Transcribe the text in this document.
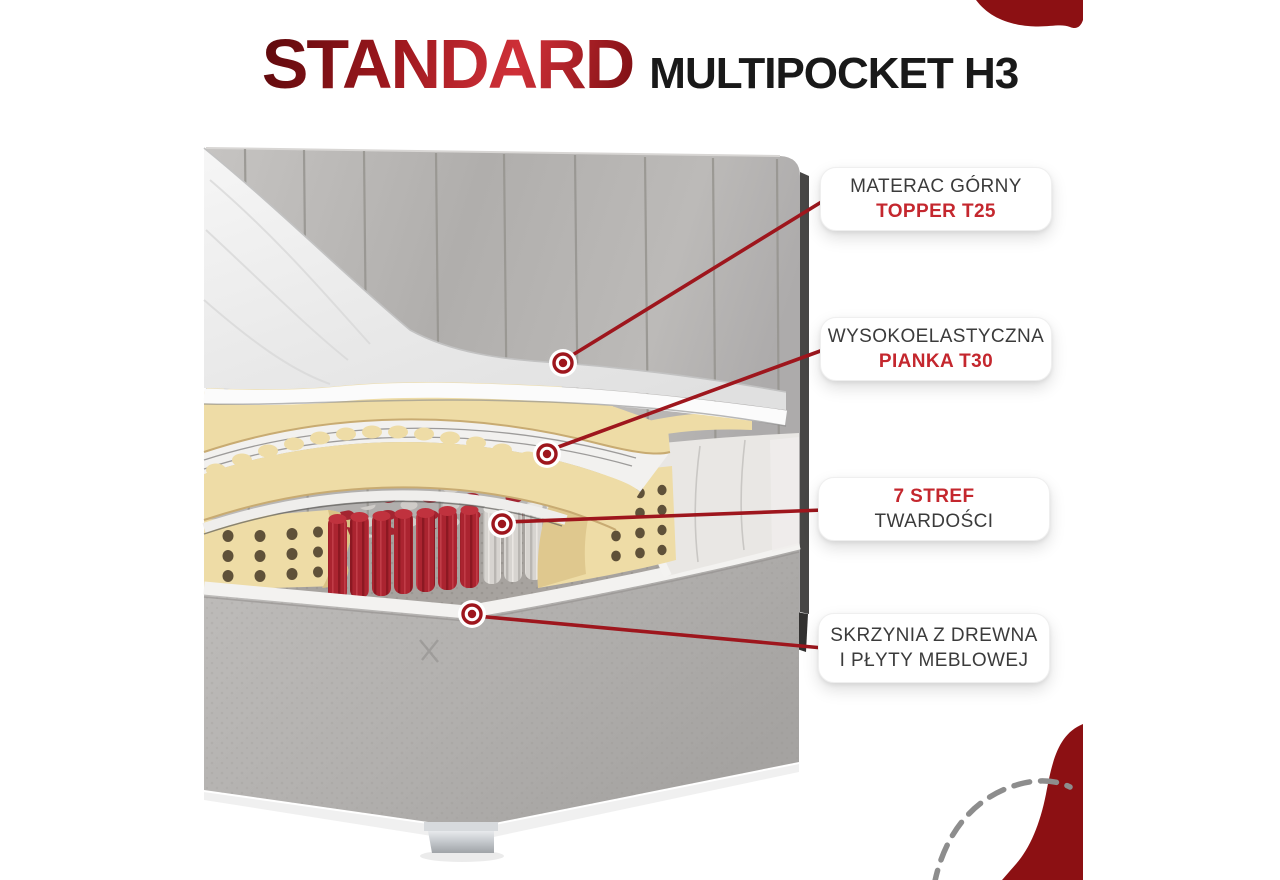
STANDARD MULTIPOCKET H3
MATERAC GÓRNY
TOPPER T25
WYSOKOELASTYCZNA
PIANKA T30
7 STREF
TWARDOŚCI
SKRZYNIA Z DREWNA
I PŁYTY MEBLOWEJ
